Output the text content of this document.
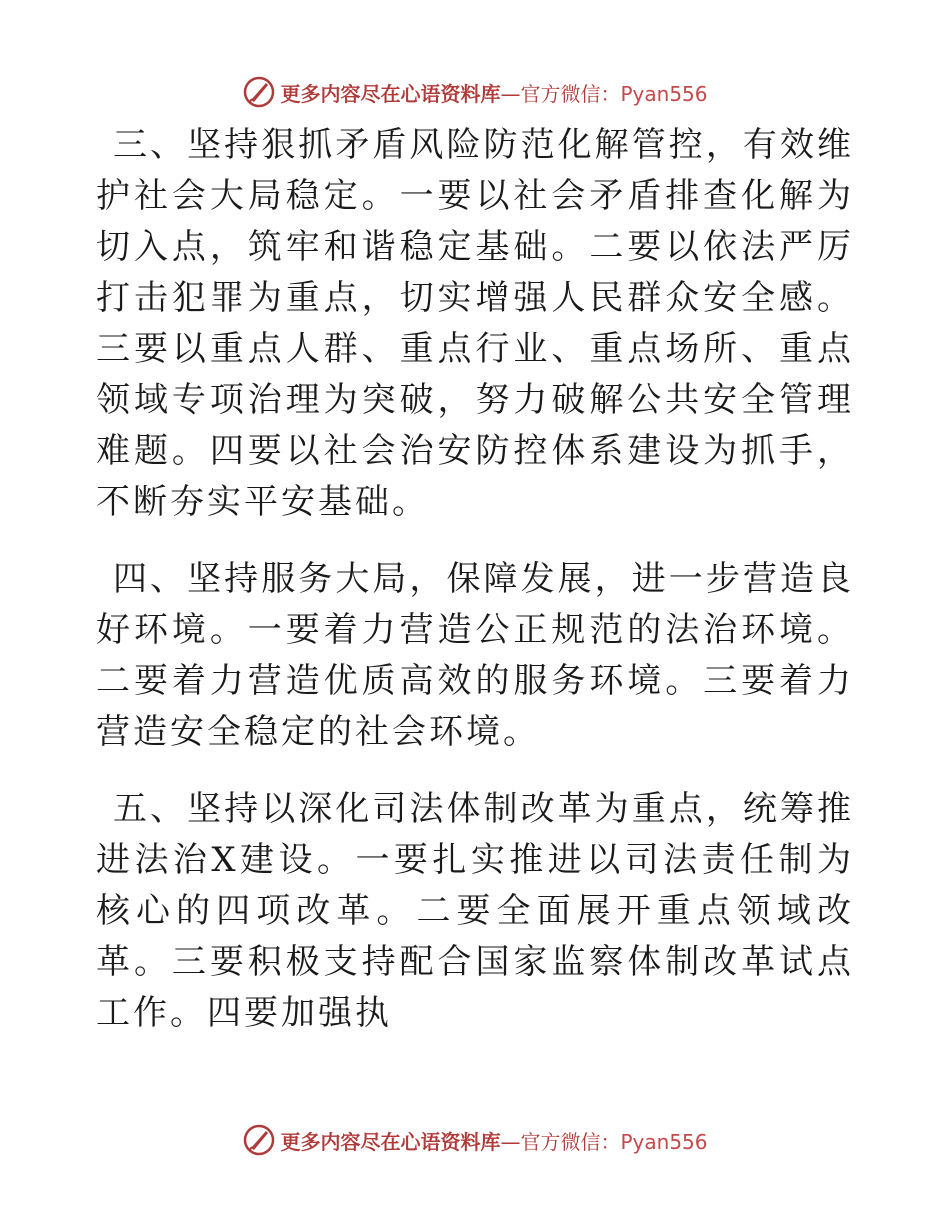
更多内容尽在心语资料库—官方微信：Pyan556

三、坚持狠抓矛盾风险防范化解管控，有效维护社会大局稳定。一要以社会矛盾排查化解为切入点，筑牢和谐稳定基础。二要以依法严厉打击犯罪为重点，切实增强人民群众安全感。三要以重点人群、重点行业、重点场所、重点领域专项治理为突破，努力破解公共安全管理难题。四要以社会治安防控体系建设为抓手，不断夯实平安基础。

四、坚持服务大局，保障发展，进一步营造良好环境。一要着力营造公正规范的法治环境。二要着力营造优质高效的服务环境。三要着力营造安全稳定的社会环境。

五、坚持以深化司法体制改革为重点，统筹推进法治X建设。一要扎实推进以司法责任制为核心的四项改革。二要全面展开重点领域改革。三要积极支持配合国家监察体制改革试点工作。四要加强执

更多内容尽在心语资料库—官方微信：Pyan556
